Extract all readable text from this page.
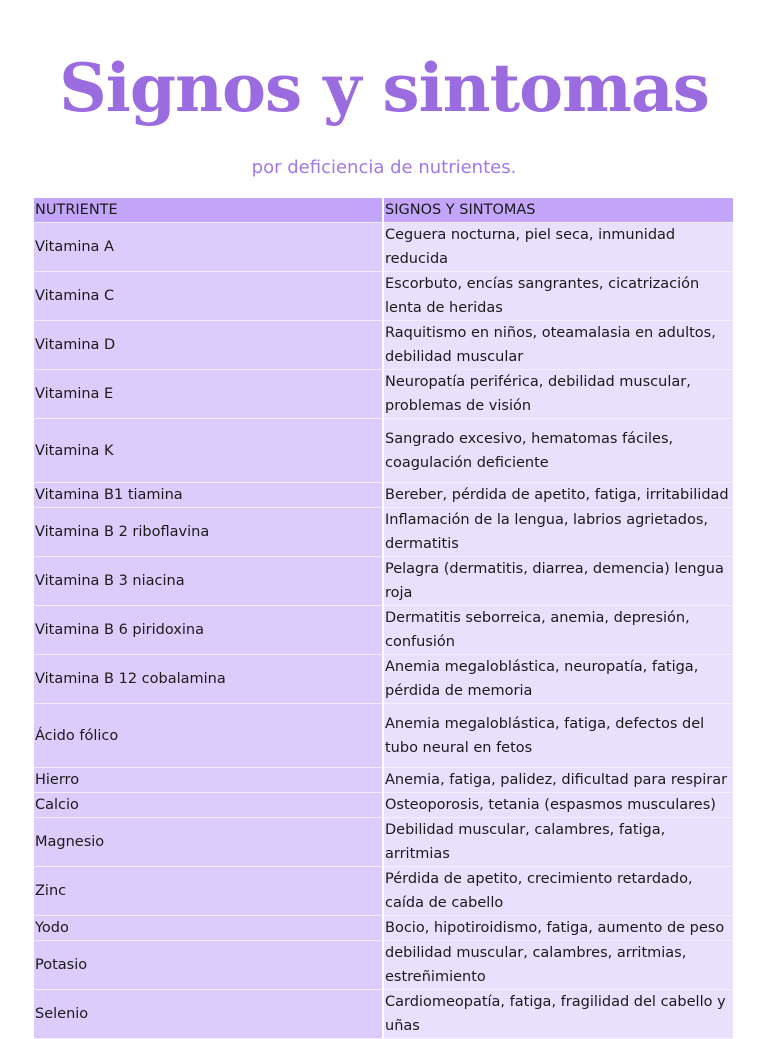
Signos y sintomas

por deficiencia de nutrientes.

NUTRIENTE	SIGNOS Y SINTOMAS
Vitamina A	Ceguera nocturna, piel seca, inmunidad reducida
Vitamina C	Escorbuto, encías sangrantes, cicatrización lenta de heridas
Vitamina D	Raquitismo en niños, oteamalasia en adultos, debilidad muscular
Vitamina E	Neuropatía periférica, debilidad muscular, problemas de visión
Vitamina K	Sangrado excesivo, hematomas fáciles, coagulación deficiente
Vitamina B1 tiamina	Bereber, pérdida de apetito, fatiga, irritabilidad
Vitamina B 2 riboflavina	Inflamación de la lengua, labrios agrietados, dermatitis
Vitamina B 3 niacina	Pelagra (dermatitis, diarrea, demencia) lengua roja
Vitamina B 6 piridoxina	Dermatitis seborreica, anemia, depresión, confusión
Vitamina B 12 cobalamina	Anemia megaloblástica, neuropatía, fatiga, pérdida de memoria
Ácido fólico	Anemia megaloblástica, fatiga, defectos del tubo neural en fetos
Hierro	Anemia, fatiga, palidez, dificultad para respirar
Calcio	Osteoporosis, tetania (espasmos musculares)
Magnesio	Debilidad muscular, calambres, fatiga, arritmias
Zinc	Pérdida de apetito, crecimiento retardado, caída de cabello
Yodo	Bocio, hipotiroidismo, fatiga, aumento de peso
Potasio	debilidad muscular, calambres, arritmias, estreñimiento
Selenio	Cardiomeopatía, fatiga, fragilidad del cabello y uñas
